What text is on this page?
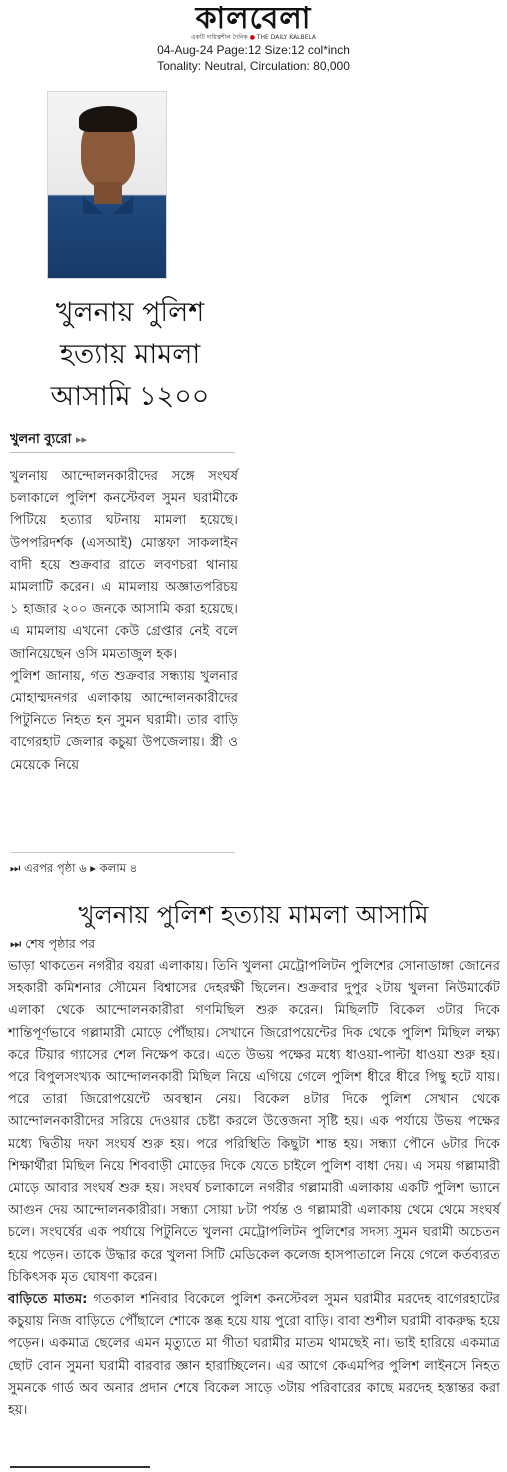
কালবেলা
একটি দায়িত্বশীল দৈনিক ● THE DAILY KALBELA
04-Aug-24 Page:12 Size:12 col*inch
Tonality: Neutral, Circulation: 80,000
খুলনায় পুলিশ হত্যায় মামলা আসামি ১২০০
খুলনা ব্যুরো ▸▸

খুলনায় আন্দোলনকারীদের সঙ্গে সংঘর্ষ চলাকালে পুলিশ কনস্টেবল সুমন ঘরামীকে পিটিয়ে হত্যার ঘটনায় মামলা হয়েছে। উপপরিদর্শক (এসআই) মোস্তফা সাকলাইন বাদী হয়ে শুক্রবার রাতে লবণচরা থানায় মামলাটি করেন। এ মামলায় অজ্ঞাতপরিচয় ১ হাজার ২০০ জনকে আসামি করা হয়েছে। এ মামলায় এখনো কেউ গ্রেপ্তার নেই বলে জানিয়েছেন ওসি মমতাজুল হক।

পুলিশ জানায়, গত শুক্রবার সন্ধ্যায় খুলনার মোহাম্মদনগর এলাকায় আন্দোলনকারীদের পিটুনিতে নিহত হন সুমন ঘরামী। তার বাড়ি বাগেরহাট জেলার কচুয়া উপজেলায়। স্ত্রী ও মেয়েকে নিয়ে

⏭ এরপর পৃষ্ঠা ৬ ▸ কলাম ৪
খুলনায় পুলিশ হত্যায় মামলা আসামি
⏭ শেষ পৃষ্ঠার পর

ভাড়া থাকতেন নগরীর বয়রা এলাকায়। তিনি খুলনা মেট্রোপলিটন পুলিশের সোনাডাঙ্গা জোনের সহকারী কমিশনার সৌমেন বিশ্বাসের দেহরক্ষী ছিলেন। শুক্রবার দুপুর ২টায় খুলনা নিউমার্কেট এলাকা থেকে আন্দোলনকারীরা গণমিছিল শুরু করেন। মিছিলটি বিকেল ৩টার দিকে শান্তিপূর্ণভাবে গল্লামারী মোড়ে পৌঁছায়। সেখানে জিরোপয়েন্টের দিক থেকে পুলিশ মিছিল লক্ষ্য করে টিয়ার গ্যাসের শেল নিক্ষেপ করে। এতে উভয় পক্ষের মধ্যে ধাওয়া-পাল্টা ধাওয়া শুরু হয়। পরে বিপুলসংখ্যক আন্দোলনকারী মিছিল নিয়ে এগিয়ে গেলে পুলিশ ধীরে ধীরে পিছু হটে যায়। পরে তারা জিরোপয়েন্টে অবস্থান নেয়। বিকেল ৪টার দিকে পুলিশ সেখান থেকে আন্দোলনকারীদের সরিয়ে দেওয়ার চেষ্টা করলে উত্তেজনা সৃষ্টি হয়। এক পর্যায়ে উভয় পক্ষের মধ্যে দ্বিতীয় দফা সংঘর্ষ শুরু হয়। পরে পরিস্থিতি কিছুটা শান্ত হয়। সন্ধ্যা পৌনে ৬টার দিকে শিক্ষার্থীরা মিছিল নিয়ে শিববাড়ী মোড়ের দিকে যেতে চাইলে পুলিশ বাধা দেয়। এ সময় গল্লামারী মোড়ে আবার সংঘর্ষ শুরু হয়। সংঘর্ষ চলাকালে নগরীর গল্লামারী এলাকায় একটি পুলিশ ভ্যানে আগুন দেয় আন্দোলনকারীরা। সন্ধ্যা সোয়া ৮টা পর্যন্ত ও গল্লামারী এলাকায় থেমে থেমে সংঘর্ষ চলে। সংঘর্ষের এক পর্যায়ে পিটুনিতে খুলনা মেট্রোপলিটন পুলিশের সদস্য সুমন ঘরামী অচেতন হয়ে পড়েন। তাকে উদ্ধার করে খুলনা সিটি মেডিকেল কলেজ হাসপাতালে নিয়ে গেলে কর্তব্যরত চিকিৎসক মৃত ঘোষণা করেন।

বাড়িতে মাতম: গতকাল শনিবার বিকেলে পুলিশ কনস্টেবল সুমন ঘরামীর মরদেহ বাগেরহাটের কচুয়ায় নিজ বাড়িতে পৌঁছালে শোকে স্তব্ধ হয়ে যায় পুরো বাড়ি। বাবা শুশীল ঘরামী বাকরুদ্ধ হয়ে পড়েন। একমাত্র ছেলের এমন মৃত্যুতে মা গীতা ঘরামীর মাতম থামছেই না। ভাই হারিয়ে একমাত্র ছোট বোন সুমনা ঘরামী বারবার জ্ঞান হারাচ্ছিলেন। এর আগে কেএমপির পুলিশ লাইনসে নিহত সুমনকে গার্ড অব অনার প্রদান শেষে বিকেল সাড়ে ৩টায় পরিবারের কাছে মরদেহ হস্তান্তর করা হয়।
